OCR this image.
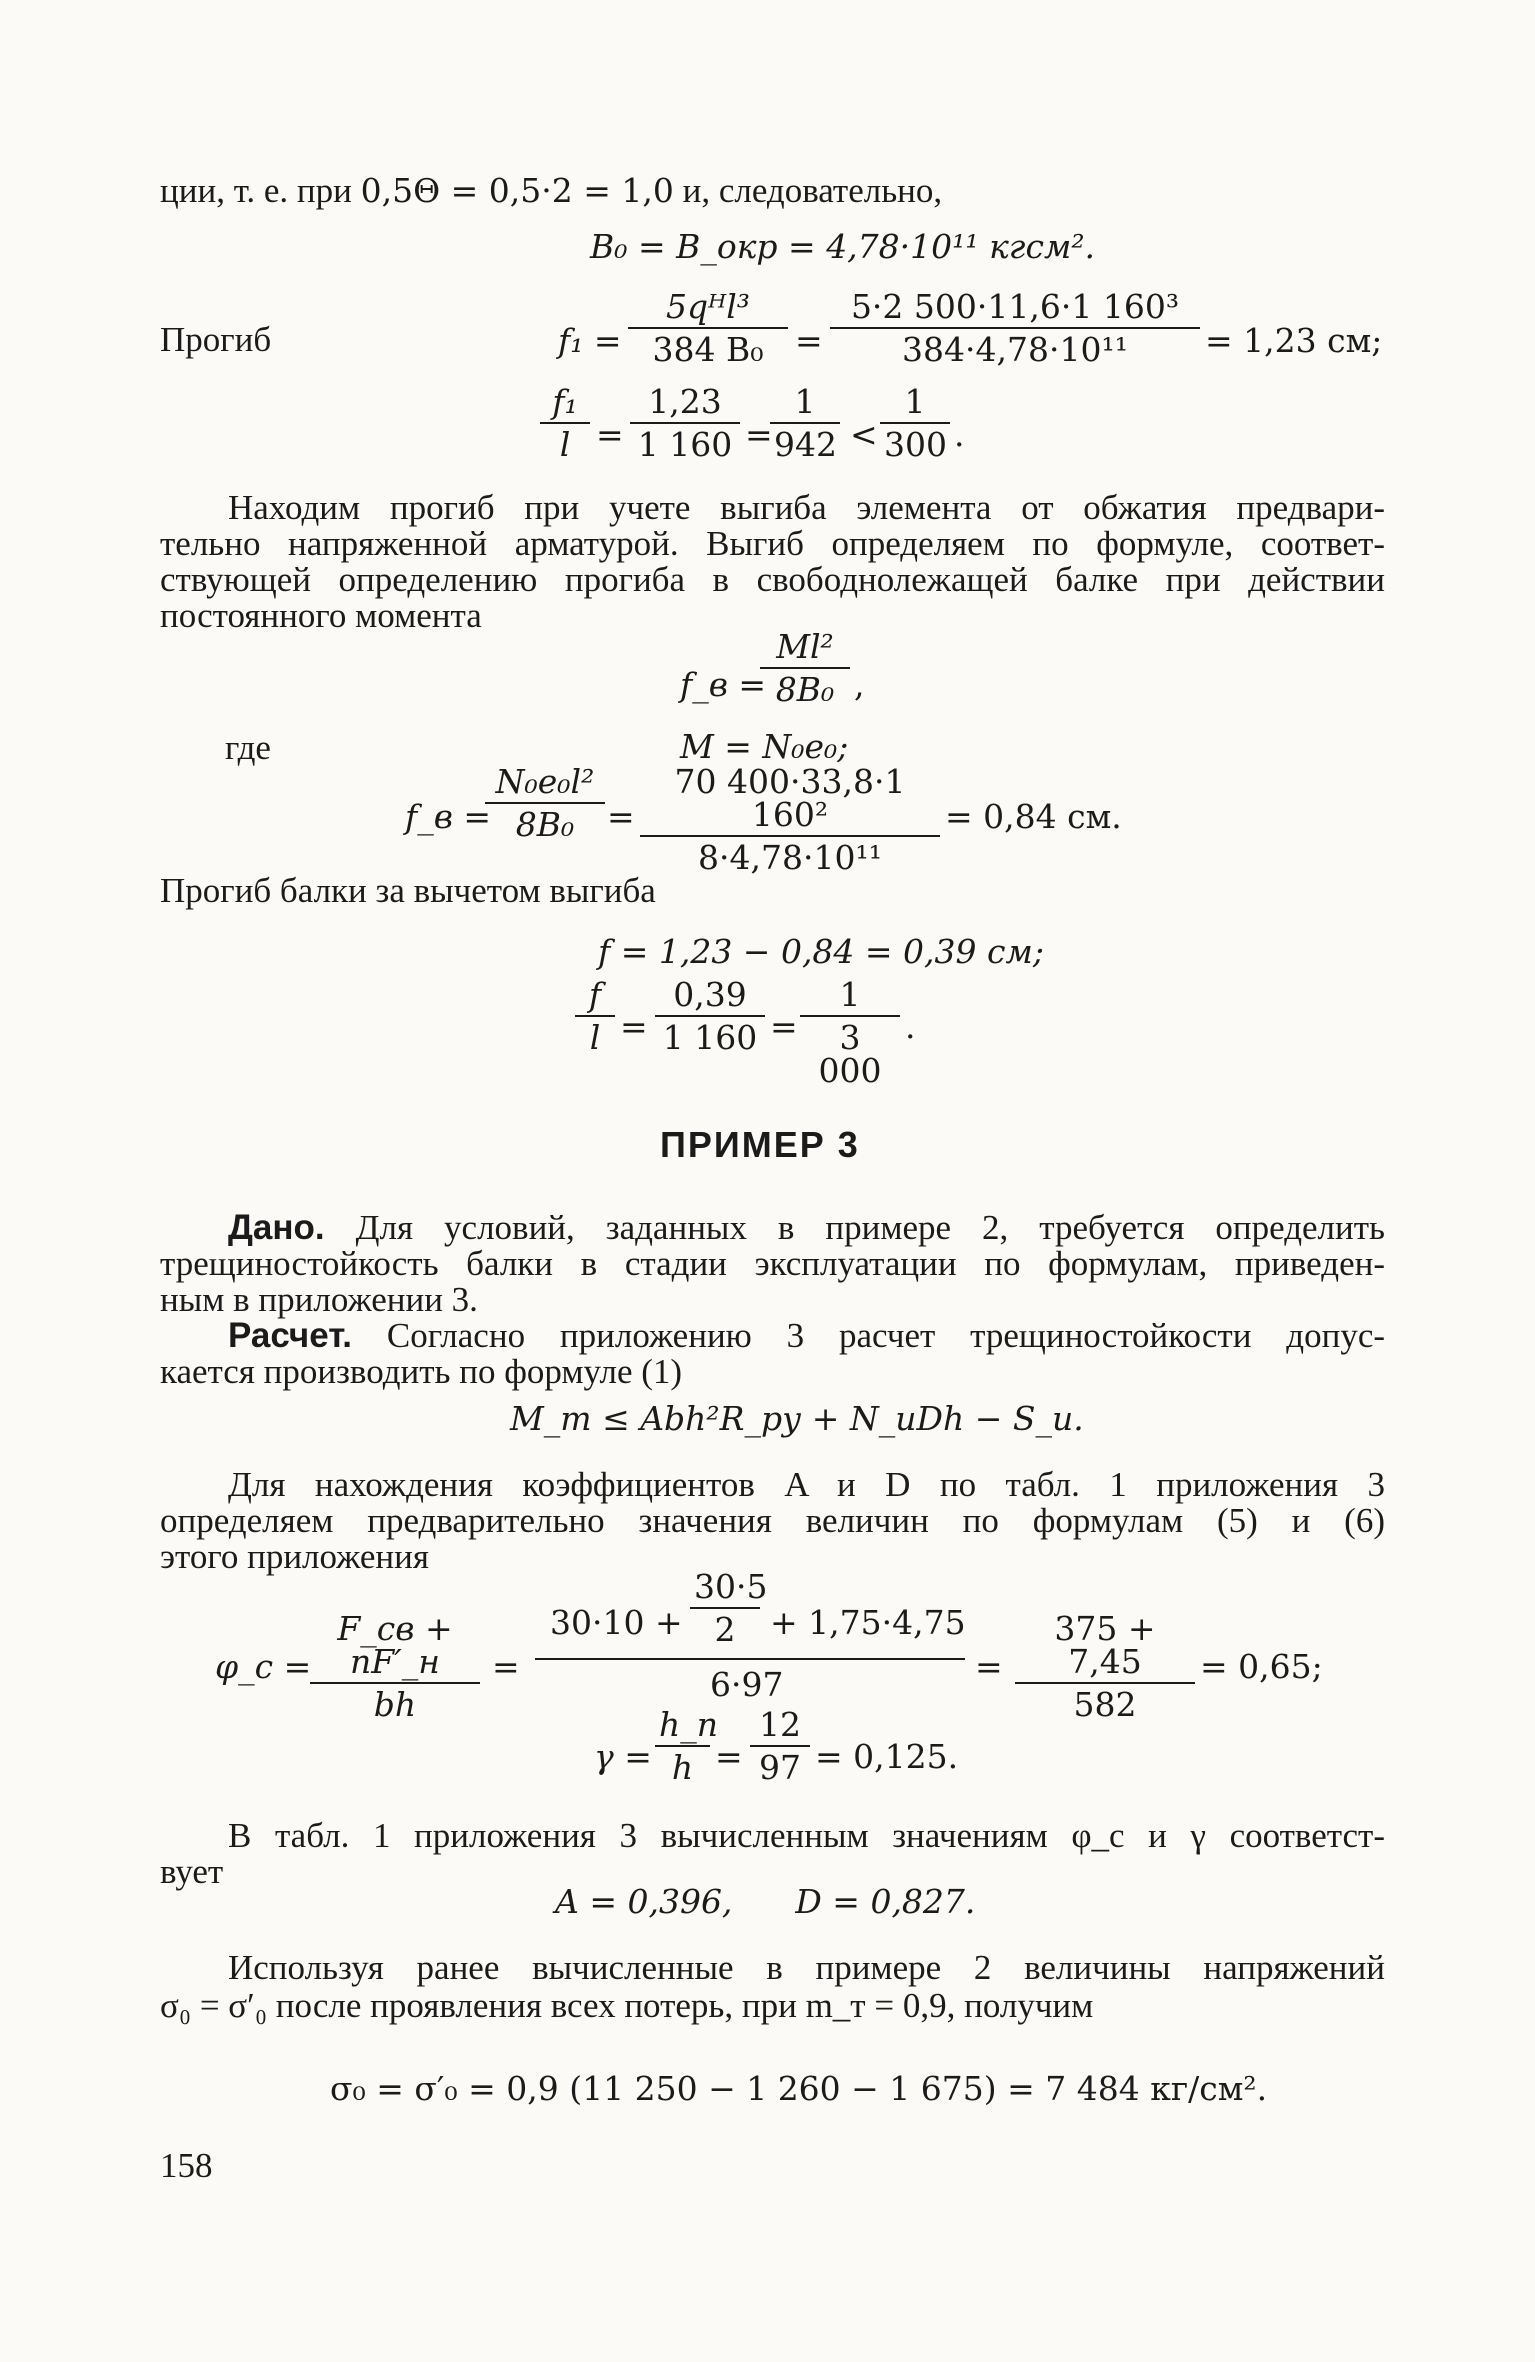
ции, т. е. при 0,5Θ = 0,5·2 = 1,0 и, следовательно,
B₀ = B_окр = 4,78·10¹¹ кгсм².
Прогиб	f₁ =
5qᴴl³
384 B₀ =
5·2 500·11,6·1 160³
384·4,78·10¹¹	= 1,23 см;
f₁
l =
1,23
1 160 =
1
942 <
1
300 .
Находим прогиб при учете выгиба элемента от обжатия предвари-
тельно напряженной арматурой. Выгиб определяем по формуле, соответ-
ствующей определению прогиба в свободнолежащей балке при действии
постоянного момента
f_в =
Ml²
8B₀ ,
где	M = N₀e₀;
f_в =
N₀e₀l²
8B₀ =
70 400·33,8·1 160²
8·4,78·10¹¹
= 0,84 см.
Прогиб балки за вычетом выгиба
f = 1,23 − 0,84 = 0,39 см;
f
l =
0,39
1 160 =
1
3 000
.
ПРИМЕР 3
Дано. Для условий, заданных в примере 2, требуется определить
трещиностойкость балки в стадии эксплуатации по формулам, приведен-
ным в приложении 3.
Расчет. Согласно приложению 3 расчет трещиностойкости допус-
кается производить по формуле (1)
M_т ≤ Abh²R_ру + N_иDh − S_и.
Для нахождения коэффициентов A и D по табл. 1 приложения 3
определяем предварительно значения величин по формулам (5) и (6)
этого приложения
φ_c =
F_св + nF′_н
bh
=
30·10 +
30·5
2	+ 1,75·4,75
6·97	=
375 + 7,45
582
= 0,65;
γ =
h_п
h =
12
97 = 0,125.
В табл. 1 приложения 3 вычисленным значениям φ_c и γ соответст-
вует
A = 0,396,      D = 0,827.
Используя ранее вычисленные в примере 2 величины напряжений
σ₀ = σ′₀ после проявления всех потерь, при m_т = 0,9, получим
σ₀ = σ′₀ = 0,9 (11 250 − 1 260 − 1 675) = 7 484 кг/см².
158
